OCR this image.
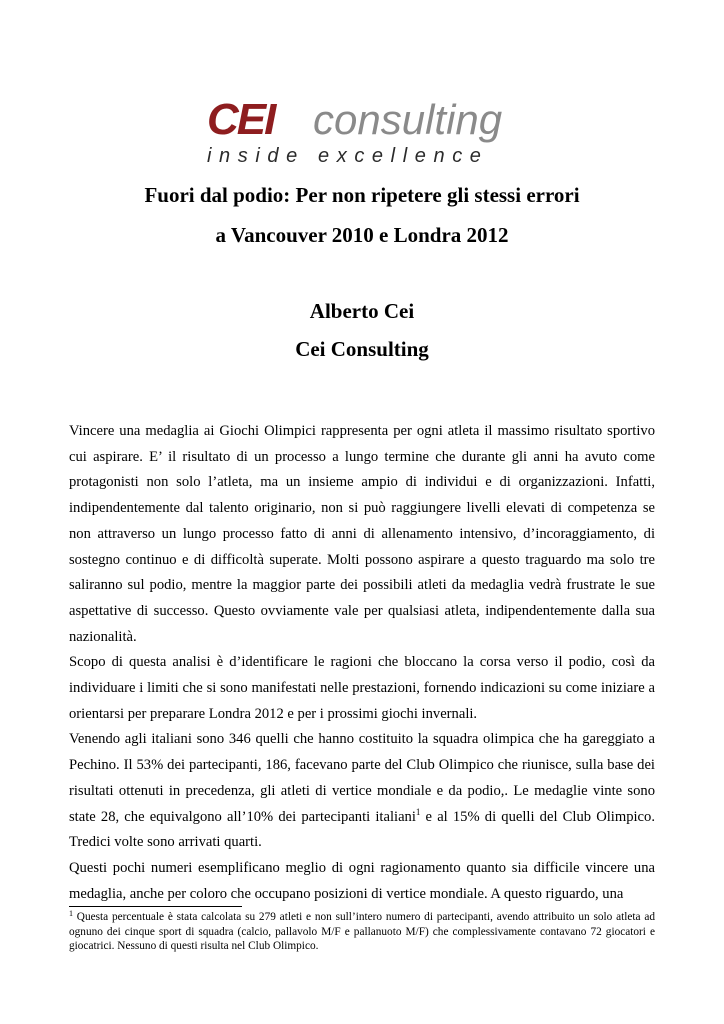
CEI consulting
inside excellence
Fuori dal podio: Per non ripetere gli stessi errori
a Vancouver 2010 e Londra 2012
Alberto Cei
Cei Consulting

Vincere una medaglia ai Giochi Olimpici rappresenta per ogni atleta il massimo risultato sportivo cui aspirare. E’ il risultato di un processo a lungo termine che durante gli anni ha avuto come protagonisti non solo l’atleta, ma un insieme ampio di individui e di organizzazioni. Infatti, indipendentemente dal talento originario, non si può raggiungere livelli elevati di competenza se non attraverso un lungo processo fatto di anni di allenamento intensivo, d’incoraggiamento, di sostegno continuo e di difficoltà superate. Molti possono aspirare a questo traguardo ma solo tre saliranno sul podio, mentre la maggior parte dei possibili atleti da medaglia vedrà frustrate le sue aspettative di successo. Questo ovviamente vale per qualsiasi atleta, indipendentemente dalla sua nazionalità.

Scopo di questa analisi è d’identificare le ragioni che bloccano la corsa verso il podio, così da individuare i limiti che si sono manifestati nelle prestazioni, fornendo indicazioni su come iniziare a orientarsi per preparare Londra 2012 e per i prossimi giochi invernali.

Venendo agli italiani sono 346 quelli che hanno costituito la squadra olimpica che ha gareggiato a Pechino. Il 53% dei partecipanti, 186, facevano parte del Club Olimpico che riunisce, sulla base dei risultati ottenuti in precedenza, gli atleti di vertice mondiale e da podio,. Le medaglie vinte sono state 28, che equivalgono all’10% dei partecipanti italiani$^1$ e al 15% di quelli del Club Olimpico. Tredici volte sono arrivati quarti.

Questi pochi numeri esemplificano meglio di ogni ragionamento quanto sia difficile vincere una medaglia, anche per coloro che occupano posizioni di vertice mondiale. A questo riguardo, una

$^1$ Questa percentuale è stata calcolata su 279 atleti e non sull’intero numero di partecipanti, avendo attribuito un solo atleta ad ognuno dei cinque sport di squadra (calcio, pallavolo M/F e pallanuoto M/F) che complessivamente contavano 72 giocatori e giocatrici. Nessuno di questi risulta nel Club Olimpico.
